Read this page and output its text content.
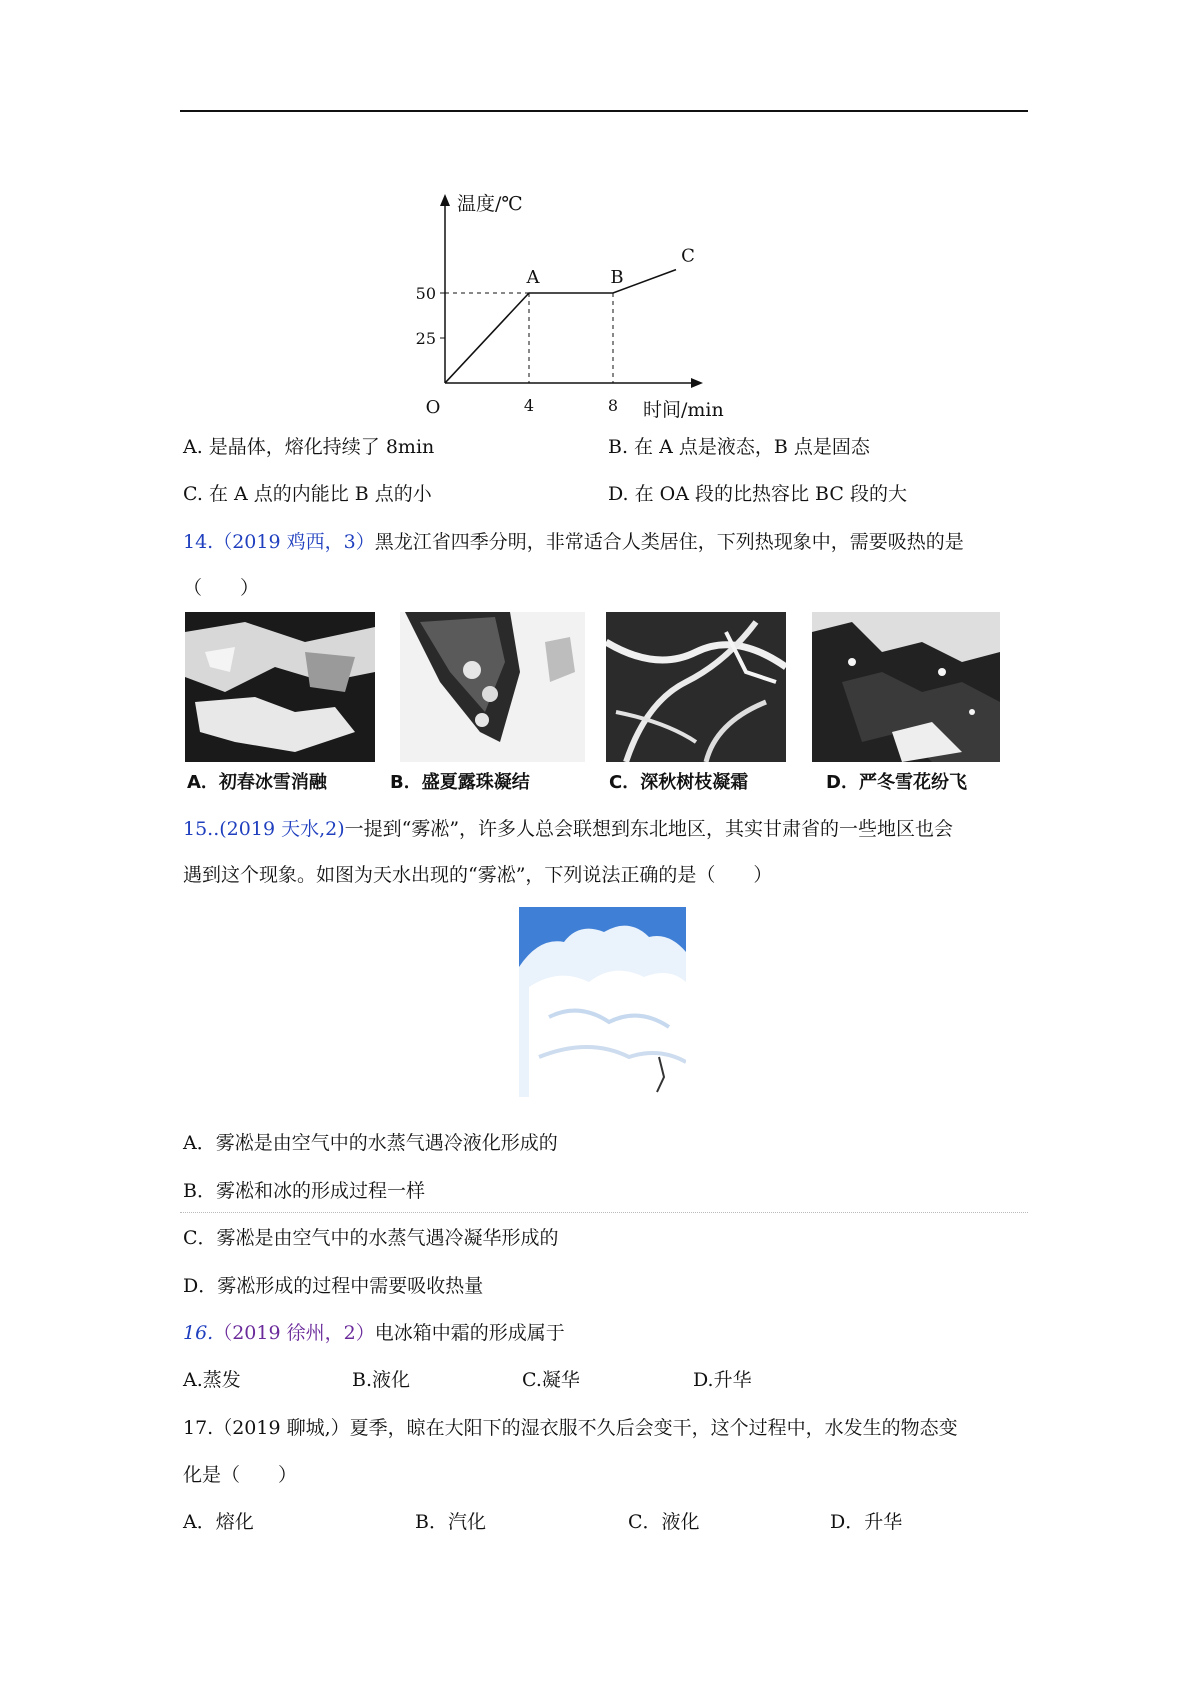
温度/℃
时间/min
O
25
50
4	8
A	B
C
A. 是晶体，熔化持续了 8min	B. 在 A 点是液态，B 点是固态
C. 在 A 点的内能比 B 点的小	D. 在 OA 段的比热容比 BC 段的大
14.（2019 鸡西，3）黑龙江省四季分明，非常适合人类居住，下列热现象中，需要吸热的是
（　　）
A．初春冰雪消融	B．盛夏露珠凝结	C．深秋树枝凝霜	D．严冬雪花纷飞
15..(2019 天水,2)一提到“雾凇”，许多人总会联想到东北地区，其实甘肃省的一些地区也会
遇到这个现象。如图为天水出现的“雾凇”，下列说法正确的是（　　）
A．雾凇是由空气中的水蒸气遇冷液化形成的
B．雾凇和冰的形成过程一样
C．雾凇是由空气中的水蒸气遇冷凝华形成的
D．雾凇形成的过程中需要吸收热量
16.（2019 徐州，2）电冰箱中霜的形成属于
A.蒸发	B.液化	C.凝华	D.升华
17.（2019 聊城,）夏季，晾在大阳下的湿衣服不久后会变干，这个过程中，水发生的物态变
化是（　　）
A．熔化	B．汽化	C．液化	D．升华
